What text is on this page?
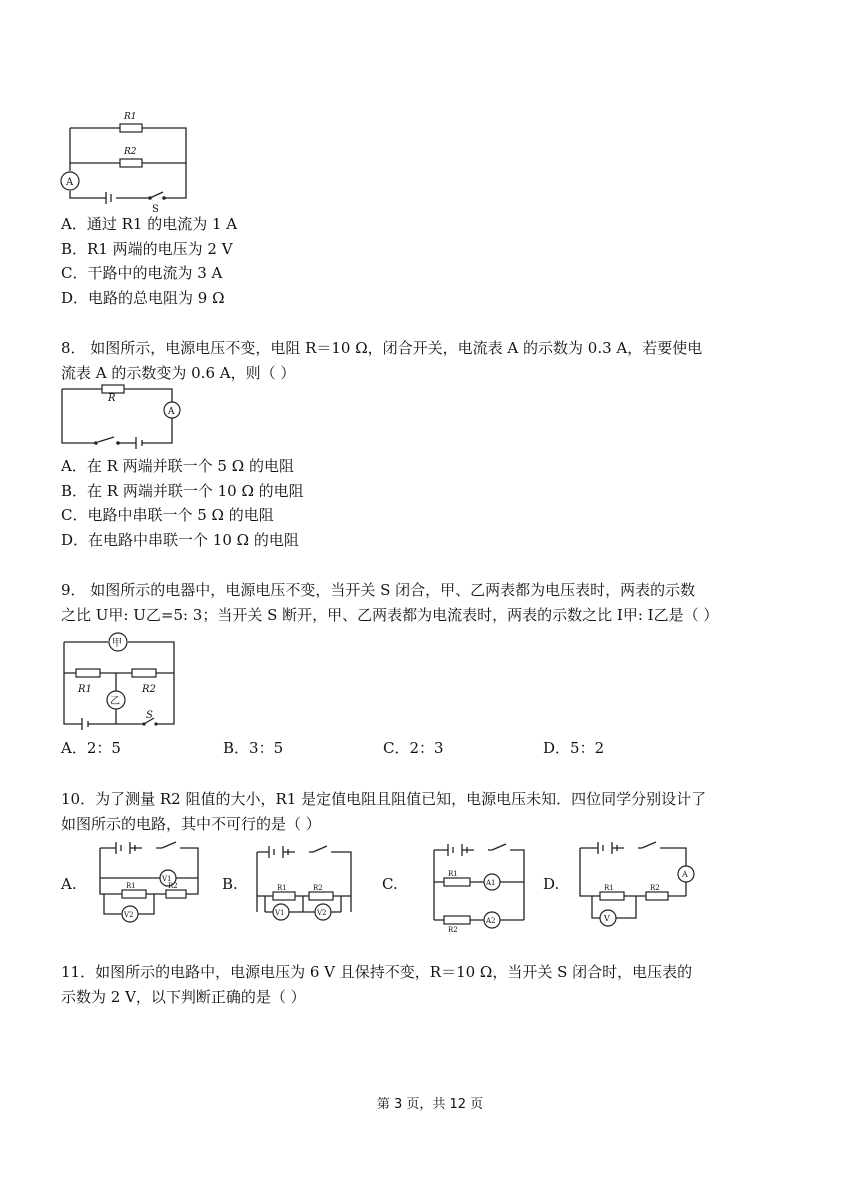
R1
R2
A
S
A．通过 R1 的电流为 1 A
B．R1 两端的电压为 2 V
C．干路中的电流为 3 A
D．电路的总电阻为 9 Ω
8． 如图所示，电源电压不变，电阻 R＝10 Ω，闭合开关，电流表 A 的示数为 0.3 A，若要使电
流表 A 的示数变为 0.6 A，则（ ）
R
A
A．在 R 两端并联一个 5 Ω 的电阻
B．在 R 两端并联一个 10 Ω 的电阻
C．电路中串联一个 5 Ω 的电阻
D．在电路中串联一个 10 Ω 的电阻
9． 如图所示的电器中，电源电压不变，当开关 S 闭合，甲、乙两表都为电压表时，两表的示数
之比 U甲: U乙=5: 3；当开关 S 断开，甲、乙两表都为电流表时，两表的示数之比 I甲: I乙是（ ）
甲
R1	R2
乙
S
A．2：5	B．3：5	C．2：3	D．5：2
10．为了测量 R2 阻值的大小，R1 是定值电阻且阻值已知，电源电压未知．四位同学分别设计了
如图所示的电路，其中不可行的是（ ）
A.	B.	C.	D.
V1
R1	R2
V2
R1	R2
V1	V2
R1
R2
A1
A2
A
R1	R2
V
11．如图所示的电路中，电源电压为 6 V 且保持不变，R＝10 Ω，当开关 S 闭合时，电压表的
示数为 2 V，以下判断正确的是（ ）
第 3 页，共 12 页
